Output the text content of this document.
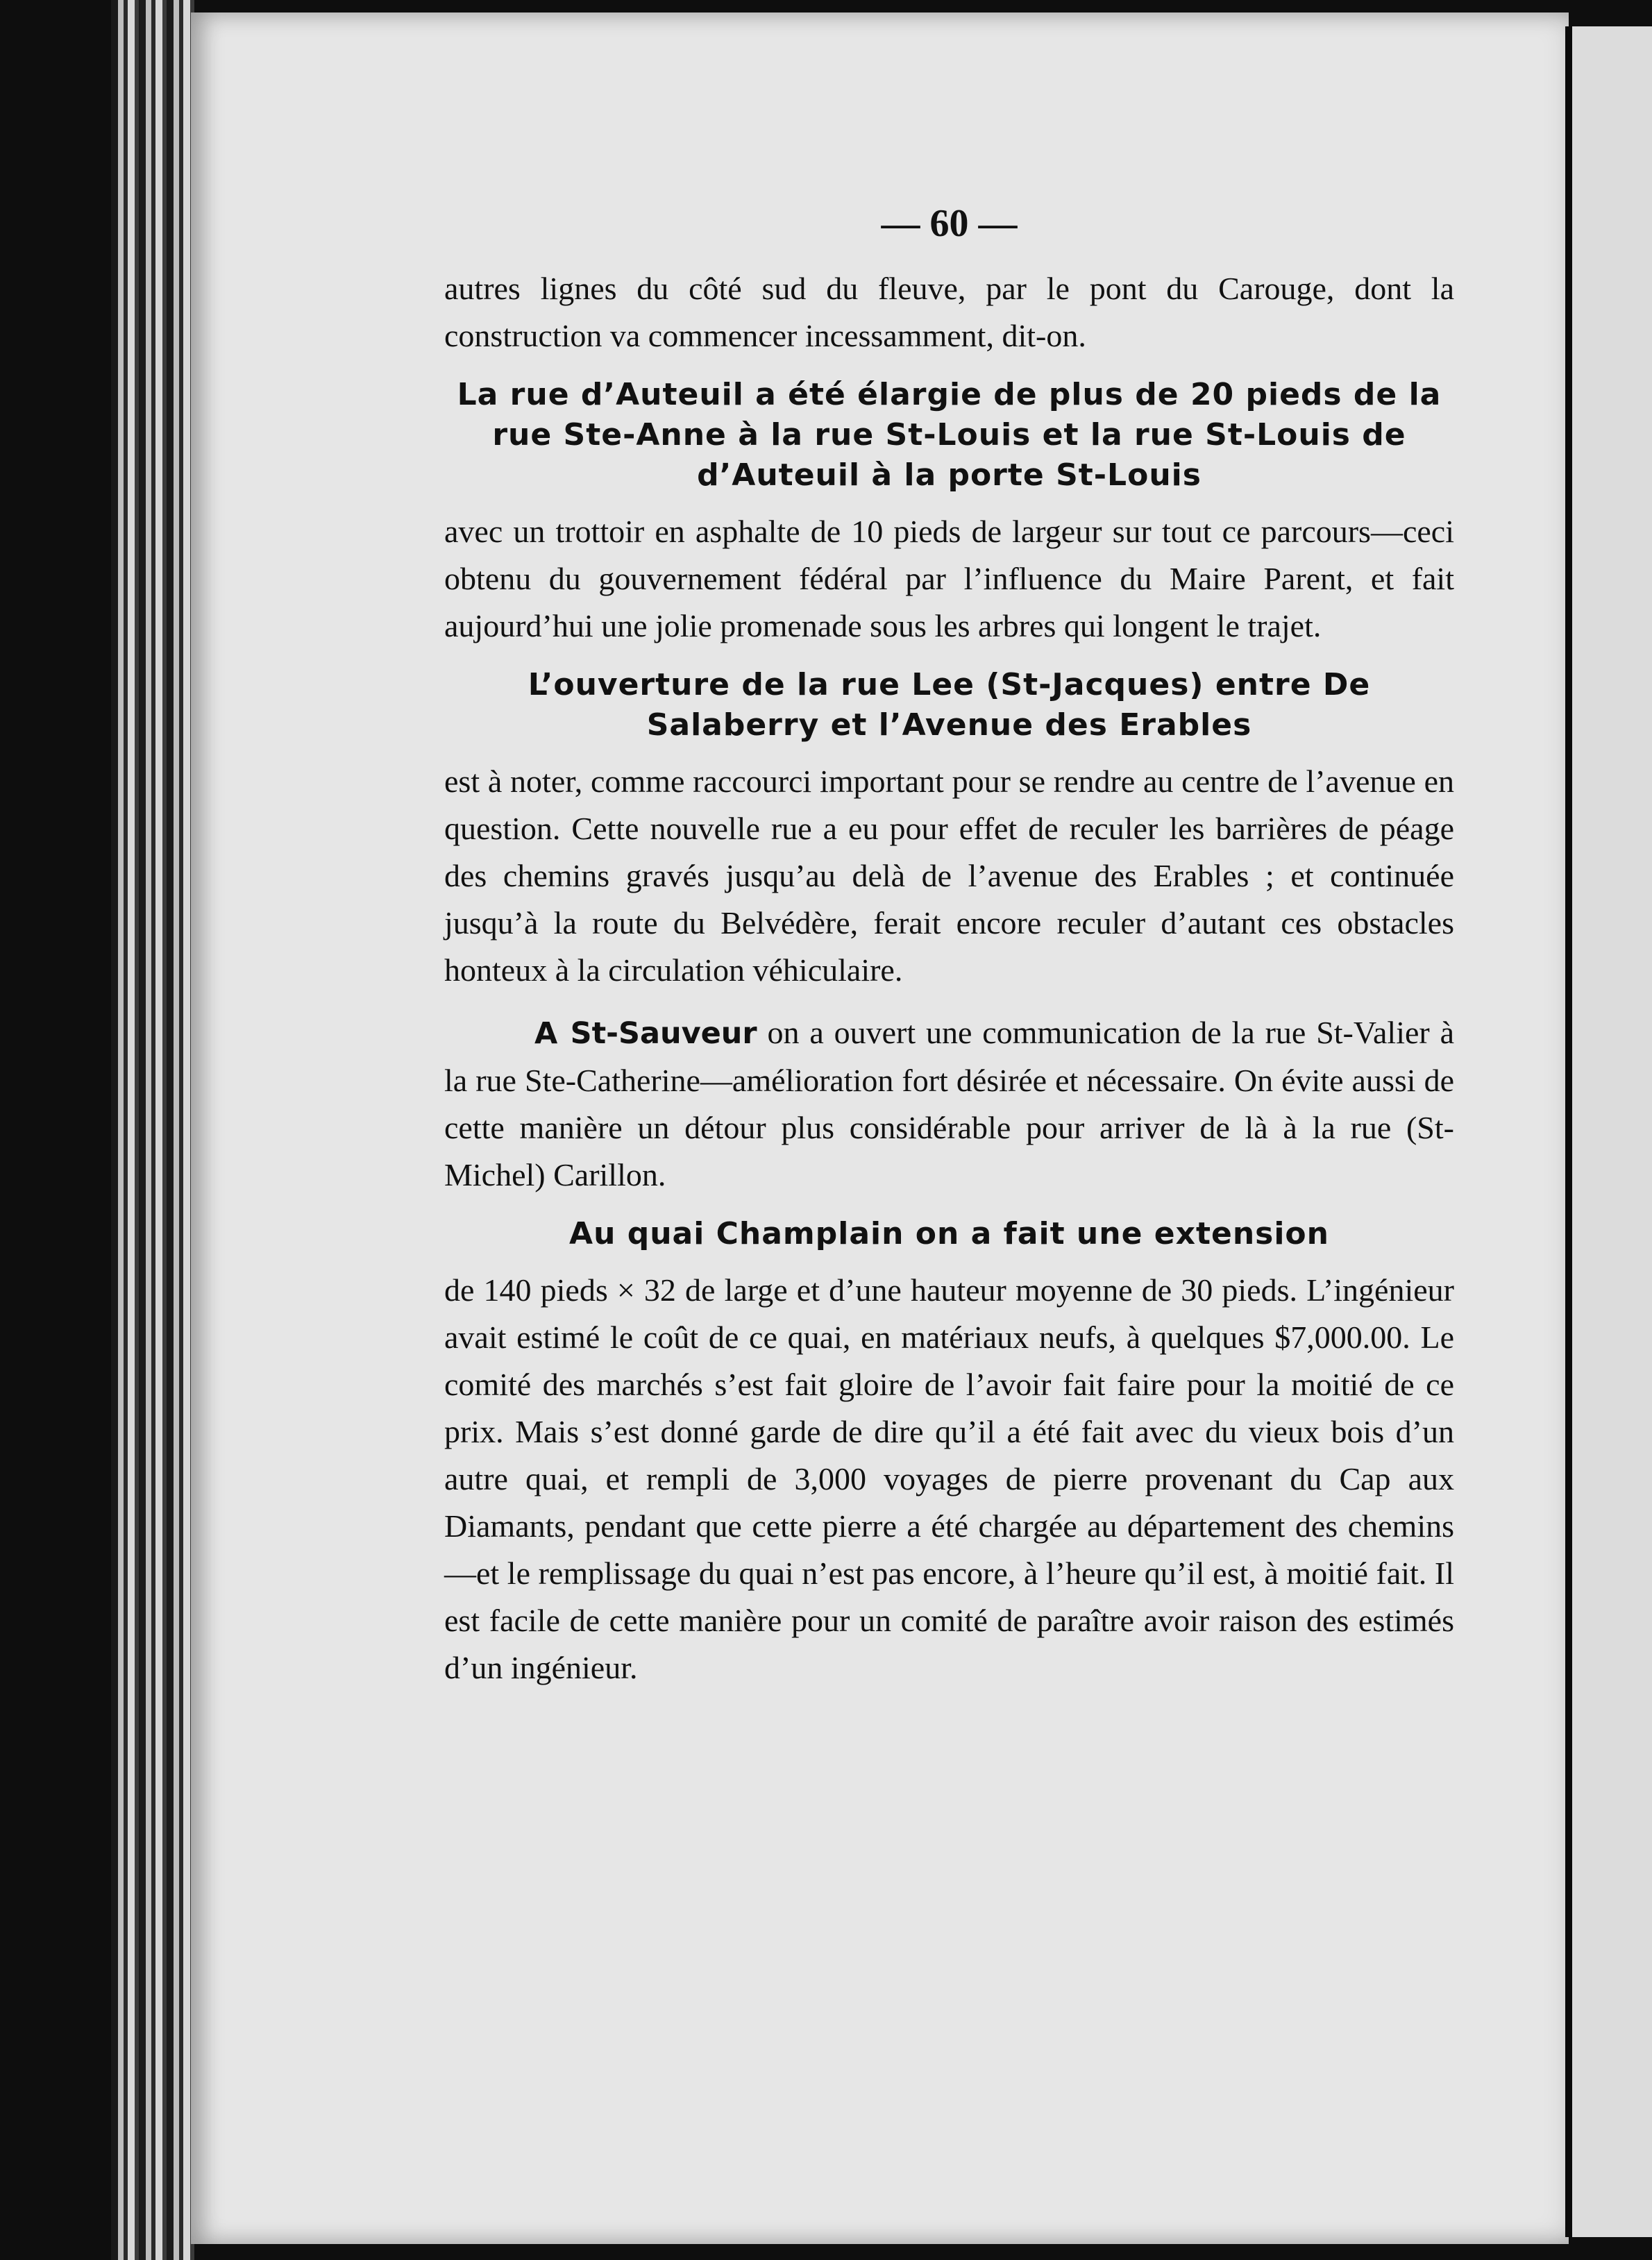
— 60 —

autres lignes du côté sud du fleuve, par le pont du Carouge, dont la construction va commencer incessamment, dit-on.

La rue d’Auteuil a été élargie de plus de 20 pieds de la rue Ste-Anne à la rue St-Louis et la rue St-Louis de d’Auteuil à la porte St-Louis

avec un trottoir en asphalte de 10 pieds de largeur sur tout ce parcours—ceci obtenu du gouvernement fédéral par l’influence du Maire Parent, et fait aujourd’hui une jolie promenade sous les arbres qui longent le trajet.

L’ouverture de la rue Lee (St-Jacques) entre De Salaberry et l’Avenue des Erables

est à noter, comme raccourci important pour se rendre au centre de l’avenue en question. Cette nouvelle rue a eu pour effet de reculer les barrières de péage des chemins gravés jusqu’au delà de l’avenue des Erables ; et continuée jusqu’à la route du Belvédère, ferait encore reculer d’autant ces obstacles honteux à la circulation véhiculaire.

A St-Sauveur on a ouvert une communication de la rue St-Valier à la rue Ste-Catherine—amélioration fort désirée et nécessaire. On évite aussi de cette manière un détour plus considérable pour arriver de là à la rue (St-Michel) Carillon.

Au quai Champlain on a fait une extension

de 140 pieds × 32 de large et d’une hauteur moyenne de 30 pieds. L’ingénieur avait estimé le coût de ce quai, en matériaux neufs, à quelques $7,000.00. Le comité des marchés s’est fait gloire de l’avoir fait faire pour la moitié de ce prix. Mais s’est donné garde de dire qu’il a été fait avec du vieux bois d’un autre quai, et rempli de 3,000 voyages de pierre provenant du Cap aux Diamants, pendant que cette pierre a été chargée au département des chemins—et le remplissage du quai n’est pas encore, à l’heure qu’il est, à moitié fait. Il est facile de cette manière pour un comité de paraître avoir raison des estimés d’un ingénieur.
